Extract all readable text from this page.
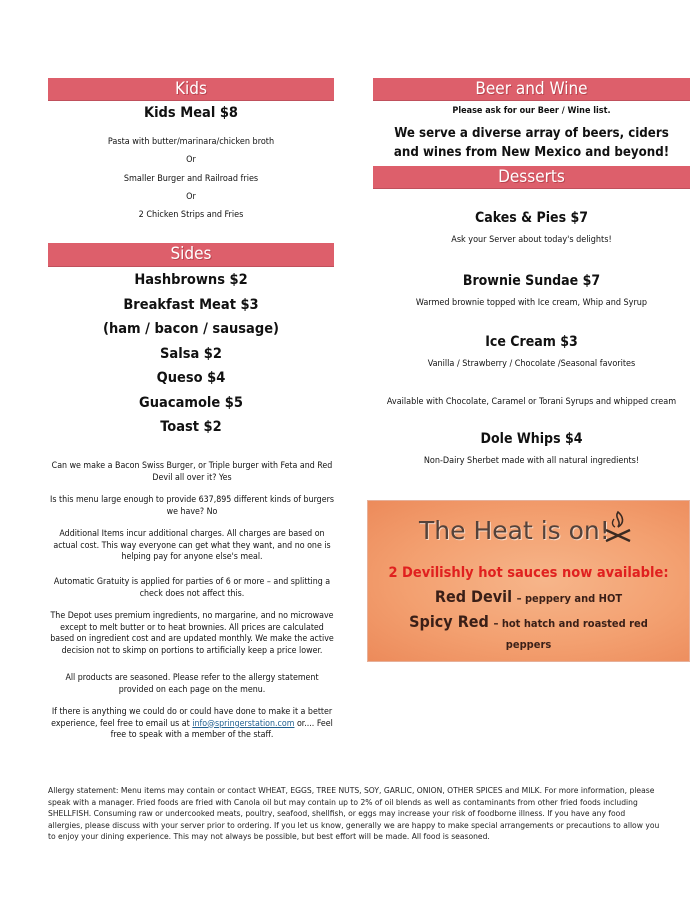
Kids
Kids Meal $8
Pasta with butter/marinara/chicken broth
Or
Smaller Burger and Railroad fries
Or
2 Chicken Strips and Fries
Sides
Hashbrowns $2
Breakfast Meat $3
(ham / bacon / sausage)
Salsa $2
Queso $4
Guacamole $5
Toast $2
Can we make a Bacon Swiss Burger, or Triple burger with Feta and Red Devil all over it? Yes
Is this menu large enough to provide 637,895 different kinds of burgers we have? No
Additional Items incur additional charges. All charges are based on actual cost. This way everyone can get what they want, and no one is helping pay for anyone else's meal.
Automatic Gratuity is applied for parties of 6 or more – and splitting a check does not affect this.
The Depot uses premium ingredients, no margarine, and no microwave except to melt butter or to heat brownies. All prices are calculated based on ingredient cost and are updated monthly. We make the active decision not to skimp on portions to artificially keep a price lower.
All products are seasoned. Please refer to the allergy statement provided on each page on the menu.
If there is anything we could do or could have done to make it a better experience, feel free to email us at info@springerstation.com or.... Feel free to speak with a member of the staff.
Beer and Wine
Please ask for our Beer / Wine list.
We serve a diverse array of beers, ciders and wines from New Mexico and beyond!
Desserts
Cakes & Pies $7
Ask your Server about today's delights!
Brownie Sundae $7
Warmed brownie topped with Ice cream, Whip and Syrup
Ice Cream $3
Vanilla / Strawberry / Chocolate /Seasonal favorites
Available with Chocolate, Caramel or Torani Syrups and whipped cream
Dole Whips $4
Non-Dairy Sherbet made with all natural ingredients!
The Heat is on!
2 Devilishly hot sauces now available:
Red Devil – peppery and HOT
Spicy Red – hot hatch and roasted red peppers
Allergy statement: Menu items may contain or contact WHEAT, EGGS, TREE NUTS, SOY, GARLIC, ONION, OTHER SPICES and MILK. For more information, please speak with a manager. Fried foods are fried with Canola oil but may contain up to 2% of oil blends as well as contaminants from other fried foods including SHELLFISH. Consuming raw or undercooked meats, poultry, seafood, shellfish, or eggs may increase your risk of foodborne illness. If you have any food allergies, please discuss with your server prior to ordering. If you let us know, generally we are happy to make special arrangements or precautions to allow you to enjoy your dining experience. This may not always be possible, but best effort will be made. All food is seasoned.
